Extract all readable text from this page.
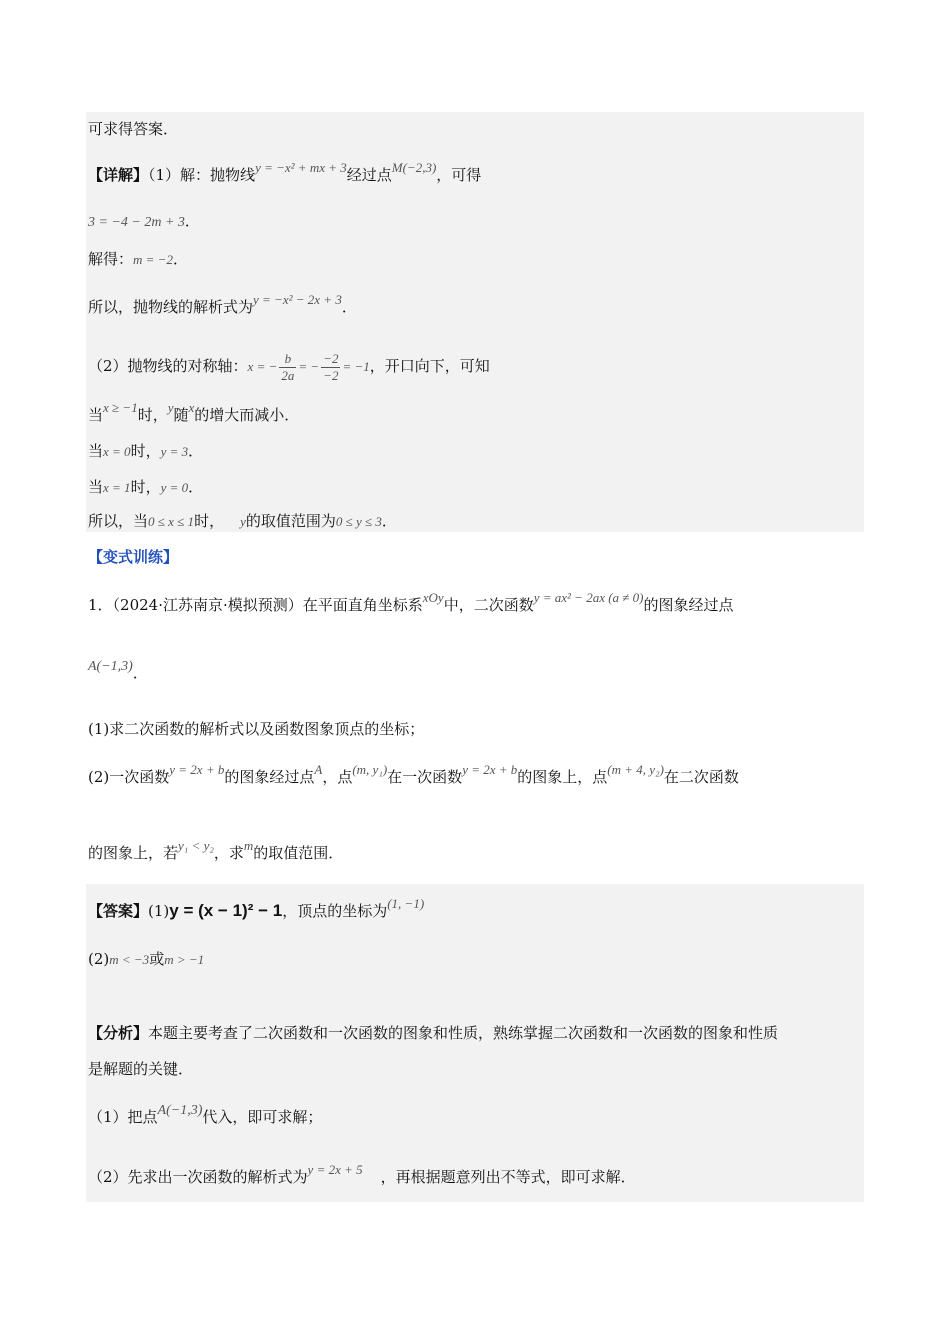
可求得答案．
【详解】（1）解：抛物线y = −x² + mx + 3经过点M(−2,3)，可得
3 = −4 − 2m + 3．
解得：m = −2．
所以，抛物线的解析式为y = −x² − 2x + 3．
（2）抛物线的对称轴：x = − $\frac{b}{2a}$ = − $\frac{-2}{-2} = -1$，开口向下，可知
当x ≥ −1时，y随x的增大而减小．
当x = 0时，y = 3．
当x = 1时，y = 0．
所以，当0 ≤ x ≤ 1时， y的取值范围为0 ≤ y ≤ 3．
【变式训练】
1．（2024·江苏南京·模拟预测）在平面直角坐标系xOy中，二次函数y = ax² − 2ax (a ≠ 0)的图象经过点
A(−1,3)．
(1)求二次函数的解析式以及函数图象顶点的坐标；
(2)一次函数y = 2x + b的图象经过点A，点(m, y₁)在一次函数y = 2x + b的图象上，点(m + 4, y₂)在二次函数
的图象上，若y₁ < y₂，求m的取值范围．
【答案】(1)y = (x − 1)² − 1，顶点的坐标为(1, −1)
(2)m < −3或m > −1
【分析】本题主要考查了二次函数和一次函数的图象和性质，熟练掌握二次函数和一次函数的图象和性质
是解题的关键．
（1）把点A(−1,3)代入，即可求解；
（2）先求出一次函数的解析式为y = 2x + 5 ，再根据题意列出不等式，即可求解．
